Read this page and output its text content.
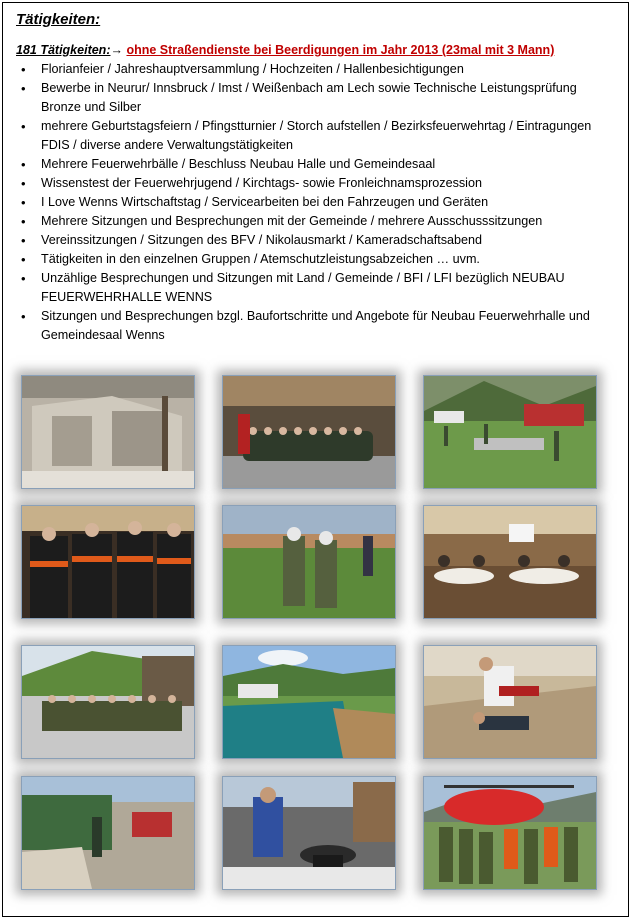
Tätigkeiten:
181 Tätigkeiten:→ ohne Straßendienste bei Beerdigungen im Jahr 2013 (23mal mit 3 Mann)
• Florianfeier / Jahreshauptversammlung / Hochzeiten / Hallenbesichtigungen
• Bewerbe in Neurur/ Innsbruck / Imst / Weißenbach am Lech sowie Technische Leistungsprüfung Bronze und Silber
• mehrere Geburtstagsfeiern / Pfingstturnier / Storch aufstellen / Bezirksfeuerwehrtag / Eintragungen FDIS / diverse andere Verwaltungstätigkeiten
• Mehrere Feuerwehrbälle / Beschluss Neubau Halle und Gemeindesaal
• Wissenstest der Feuerwehrjugend / Kirchtags- sowie Fronleichnamsprozession
• I Love Wenns Wirtschaftstag / Servicearbeiten bei den Fahrzeugen und Geräten
• Mehrere Sitzungen und Besprechungen mit der Gemeinde / mehrere Ausschusssitzungen
• Vereinssitzungen / Sitzungen des BFV / Nikolausmarkt / Kameradschaftsabend
• Tätigkeiten in den einzelnen Gruppen / Atemschutzleistungsabzeichen … uvm.
• Unzählige Besprechungen und Sitzungen mit Land / Gemeinde / BFI / LFI bezüglich NEUBAU FEUERWEHRHALLE WENNS
• Sitzungen und Besprechungen bzgl. Baufortschritte und Angebote für Neubau Feuerwehrhalle und Gemeindesaal Wenns
